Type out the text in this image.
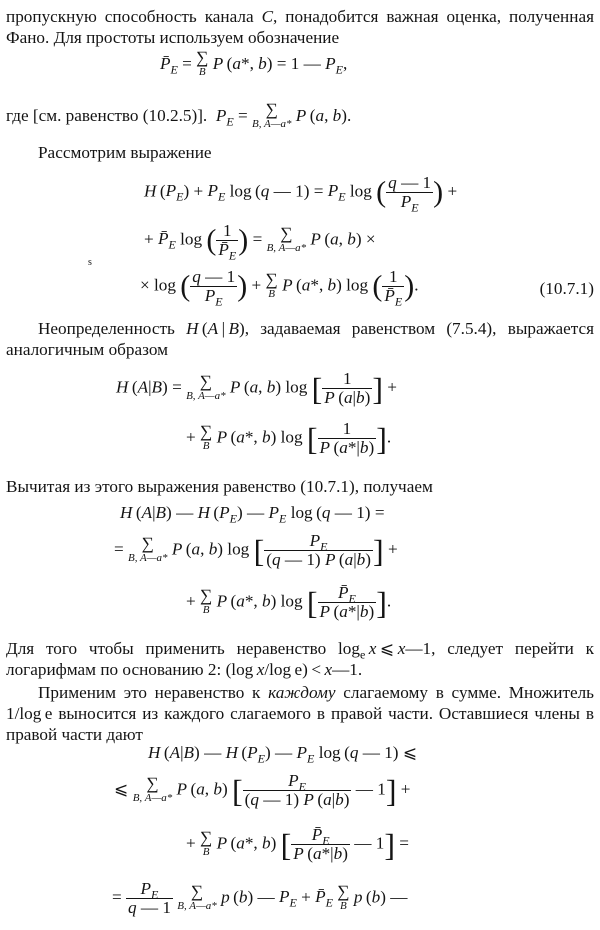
пропускную способность канала C, понадобится важная оценка, полученная Фано. Для простоты используем обозначение
$P̄_E$ = ∑
B P (a*, b) = 1 — $P_E$,
где [см. равенство (10.2.5)]. $P_E$ = ∑
B, A—a* P (a, b).
Рассмотрим выражение
H $(P_E) + P_E$ log (q — $1) = P_E$ log ( $\frac{q — 1}{P_E}$ ) +
+ $P̄_E$ log ( $\frac{1}{P̄_E}$ ) = ∑
B, A—a* P (a, b) ×
× log ( $\frac{q — 1}{P_E}$ ) + ∑
B P (a*, b) log ( $\frac{1}{P̄_E}$ ).	(10.7.1)
s
Неопределенность H (A | B), задаваемая равенством (7.5.4), выражается аналогичным образом
H (A|B) = ∑
B, A—a* P (a, b) log [ $\frac{1}{P (a|b)}$ ] +
+ ∑
B P (a*, b) log [ $\frac{1}{P (a*|b)}$ ].
Вычитая из этого выражения равенство (10.7.1), получаем
H (A|B) — H $(P_E)$ — $P_E$ log (q — 1) =
= ∑
B, A—a* P (a, b) log [ $\frac{P_E}{(q — 1) P (a|b)}$ ] +
+ ∑
B P (a*, b) log [ $\frac{P̄_E}{P (a*|b)}$ ].
Для того чтобы применить неравенство $\log_e x$ ⩽ x—1, следует перейти к логарифмам по основанию 2: (log x/log e) < x—1.
Применим это неравенство к каждому слагаемому в сумме. Множитель 1/log e выносится из каждого слагаемого в правой части. Оставшиеся члены в правой части дают
H (A|B) — H $(P_E)$ — $P_E$ log (q — 1) ⩽
⩽ ∑
B, A—a* P (a, b) [ $\frac{P_E}{(q — 1) P (a|b)}$ — 1] +
+ ∑
B P (a*, b) [ $\frac{P̄_E}{P (a*|b)}$ — 1] =
= $\frac{P_E}{q — 1}$ ∑
B, A—a* p (b) — $P_E$ + $P̄_E$ ∑
B p (b) —
